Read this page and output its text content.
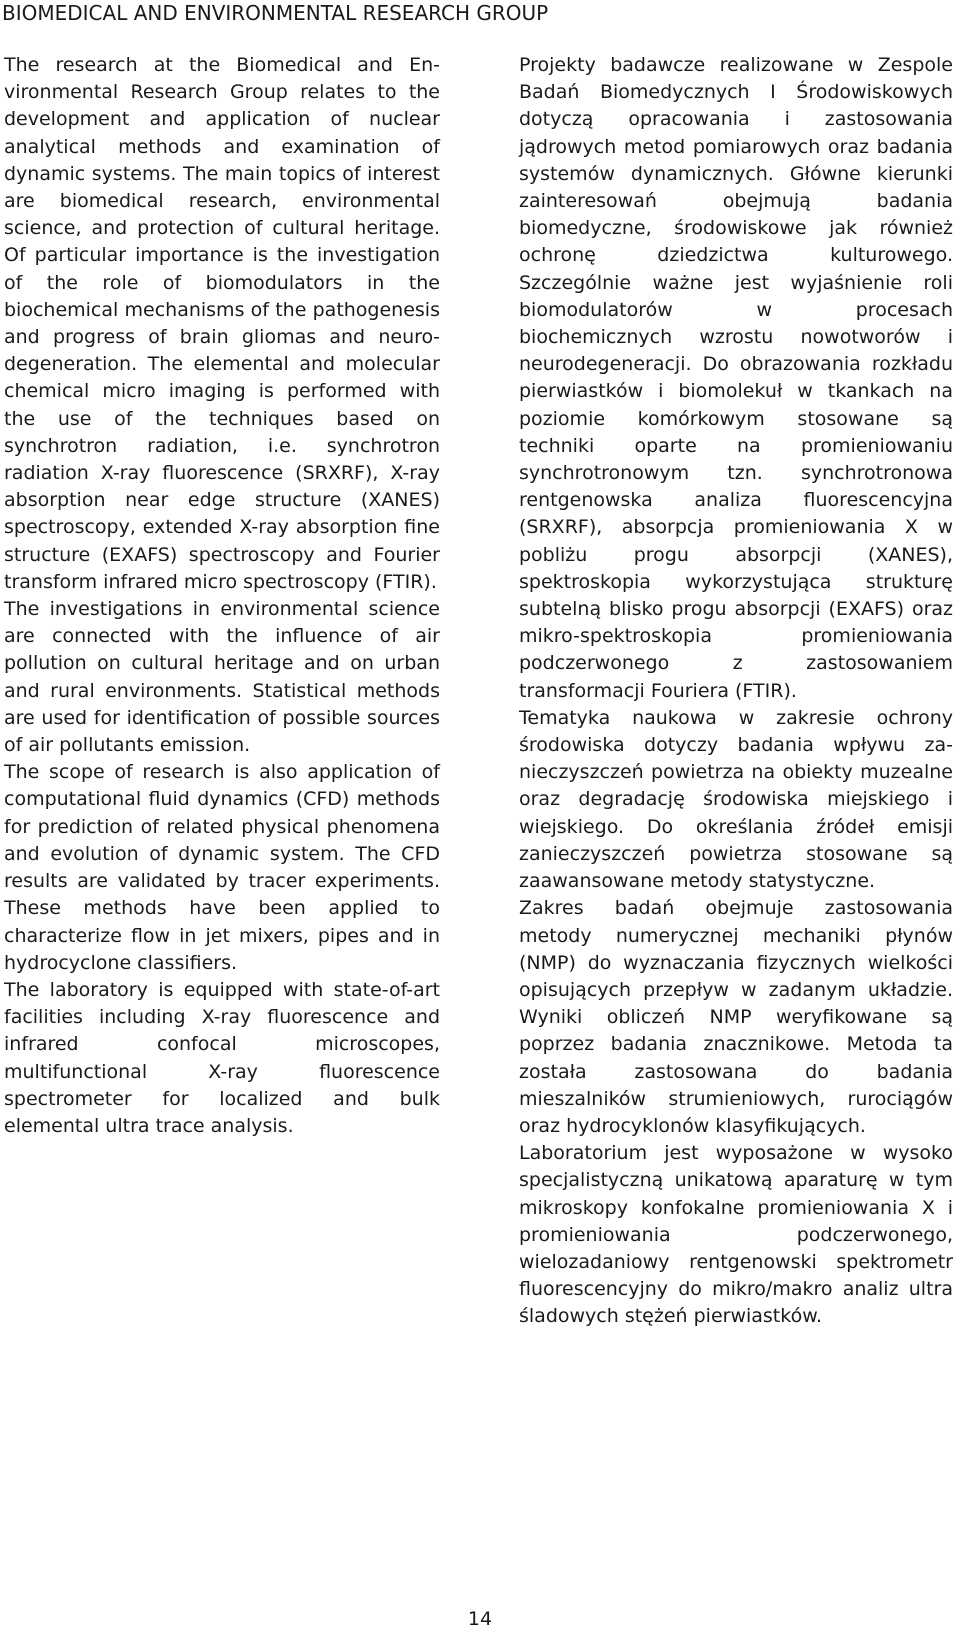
BIOMEDICAL AND ENVIRONMENTAL RESEARCH GROUP

The research at the Biomedical and Environmental Research Group relates to the development and application of nuclear analytical methods and examination of dynamic systems. The main topics of interest are biomedical research, environmental science, and protection of cultural heritage. Of particular importance is the investigation of the role of biomodulators in the biochemical mechanisms of the pathogenesis and progress of brain gliomas and neurodegeneration. The elemental and molecular chemical micro imaging is performed with the use of the techniques based on synchrotron radiation, i.e. synchrotron radiation X-ray fluorescence (SRXRF), X-ray absorption near edge structure (XANES) spectroscopy, extended X-ray absorption fine structure (EXAFS) spectroscopy and Fourier transform infrared micro spectroscopy (FTIR).

The investigations in environmental science are connected with the influence of air pollution on cultural heritage and on urban and rural environments. Statistical methods are used for identification of possible sources of air pollutants emission.

The scope of research is also application of computational fluid dynamics (CFD) methods for prediction of related physical phenomena and evolution of dynamic system. The CFD results are validated by tracer experiments. These methods have been applied to characterize flow in jet mixers, pipes and in hydrocyclone classifiers.

The laboratory is equipped with state-of-art facilities including X-ray fluorescence and infrared confocal microscopes, multifunctional X-ray fluorescence spectrometer for localized and bulk elemental ultra trace analysis.

Projekty badawcze realizowane w Zespole Badań Biomedycznych I Środowiskowych dotyczą opracowania i zastosowania jądrowych metod pomiarowych oraz badania systemów dynamicznych. Główne kierunki zainteresowań obejmują badania biomedyczne, środowiskowe jak również ochronę dziedzictwa kulturowego. Szczególnie ważne jest wyjaśnienie roli biomodulatorów w procesach biochemicznych wzrostu nowotworów i neurodegeneracji. Do obrazowania rozkładu pierwiastków i biomolekuł w tkankach na poziomie komórkowym stosowane są techniki oparte na promieniowaniu synchrotronowym tzn. synchrotronowa rentgenowska analiza fluorescencyjna (SRXRF), absorpcja promieniowania X w pobliżu progu absorpcji (XANES), spektroskopia wykorzystująca strukturę subtelną blisko progu absorpcji (EXAFS) oraz mikro-spektroskopia promieniowania podczerwonego z zastosowaniem transformacji Fouriera (FTIR).

Tematyka naukowa w zakresie ochrony środowiska dotyczy badania wpływu zanieczyszczeń powietrza na obiekty muzealne oraz degradację środowiska miejskiego i wiejskiego. Do określania źródeł emisji zanieczyszczeń powietrza stosowane są zaawansowane metody statystyczne.

Zakres badań obejmuje zastosowania metody numerycznej mechaniki płynów (NMP) do wyznaczania fizycznych wielkości opisujących przepływ w zadanym układzie. Wyniki obliczeń NMP weryfikowane są poprzez badania znacznikowe. Metoda ta została zastosowana do badania mieszalników strumieniowych, rurociągów oraz hydrocyklonów klasyfikujących.

Laboratorium jest wyposażone w wysoko specjalistyczną unikatową aparaturę w tym mikroskopy konfokalne promieniowania X i promieniowania podczerwonego, wielozadaniowy rentgenowski spektrometr fluorescencyjny do mikro/makro analiz ultra śladowych stężeń pierwiastków.

14
